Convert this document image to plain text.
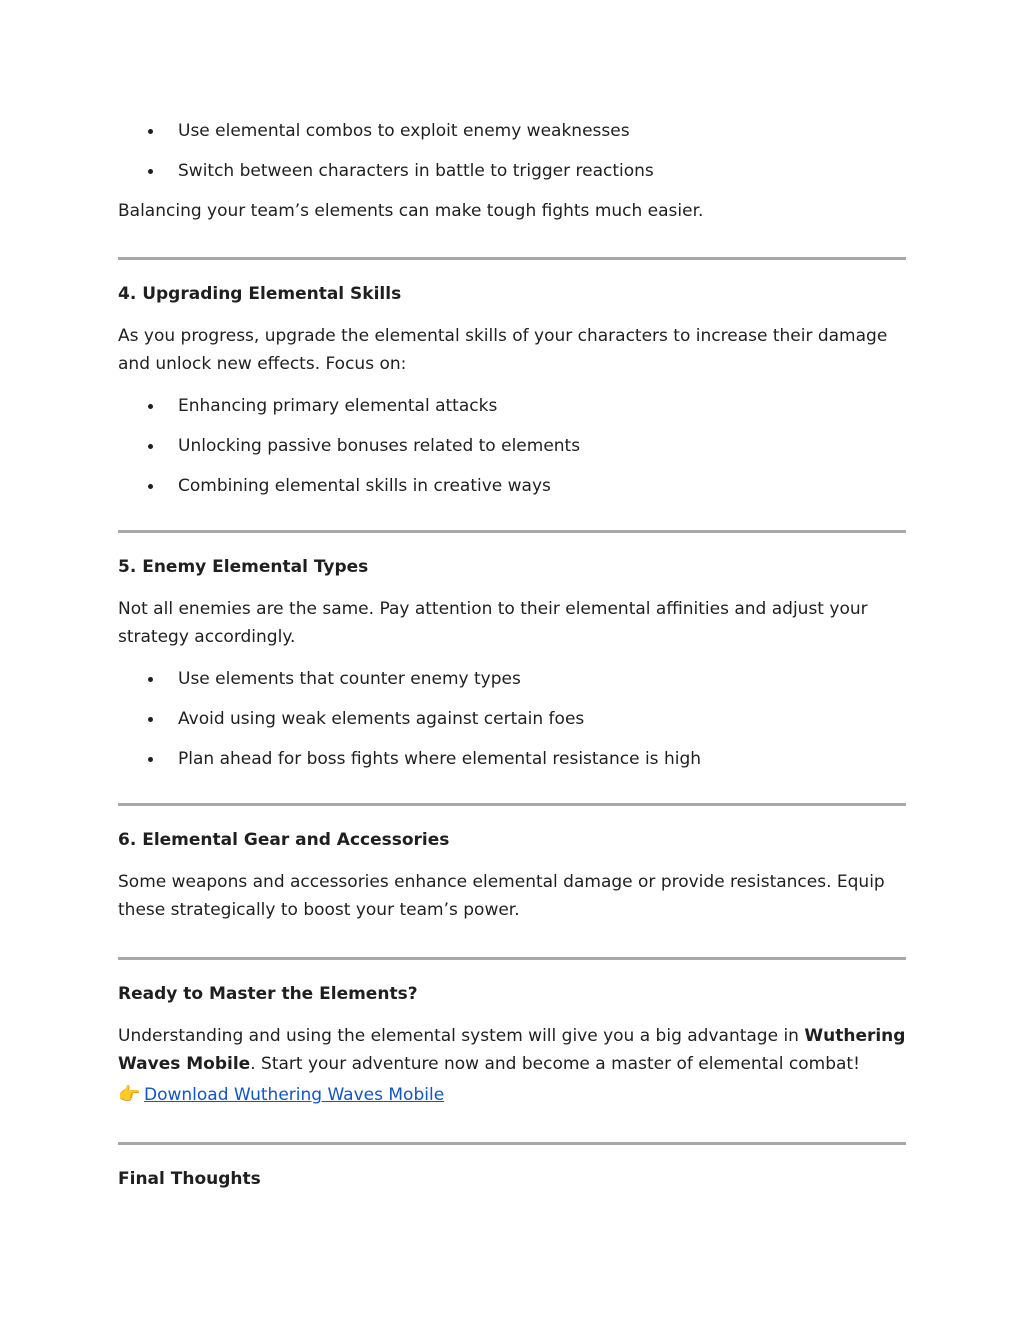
Use elemental combos to exploit enemy weaknesses
Switch between characters in battle to trigger reactions

Balancing your team’s elements can make tough fights much easier.

4. Upgrading Elemental Skills

As you progress, upgrade the elemental skills of your characters to increase their damage and unlock new effects. Focus on:

Enhancing primary elemental attacks
Unlocking passive bonuses related to elements
Combining elemental skills in creative ways
5. Enemy Elemental Types

Not all enemies are the same. Pay attention to their elemental affinities and adjust your strategy accordingly.

Use elements that counter enemy types
Avoid using weak elements against certain foes
Plan ahead for boss fights where elemental resistance is high
6. Elemental Gear and Accessories

Some weapons and accessories enhance elemental damage or provide resistances. Equip these strategically to boost your team’s power.

Ready to Master the Elements?

Understanding and using the elemental system will give you a big advantage in Wuthering Waves Mobile. Start your adventure now and become a master of elemental combat!

👉 Download Wuthering Waves Mobile
Final Thoughts
